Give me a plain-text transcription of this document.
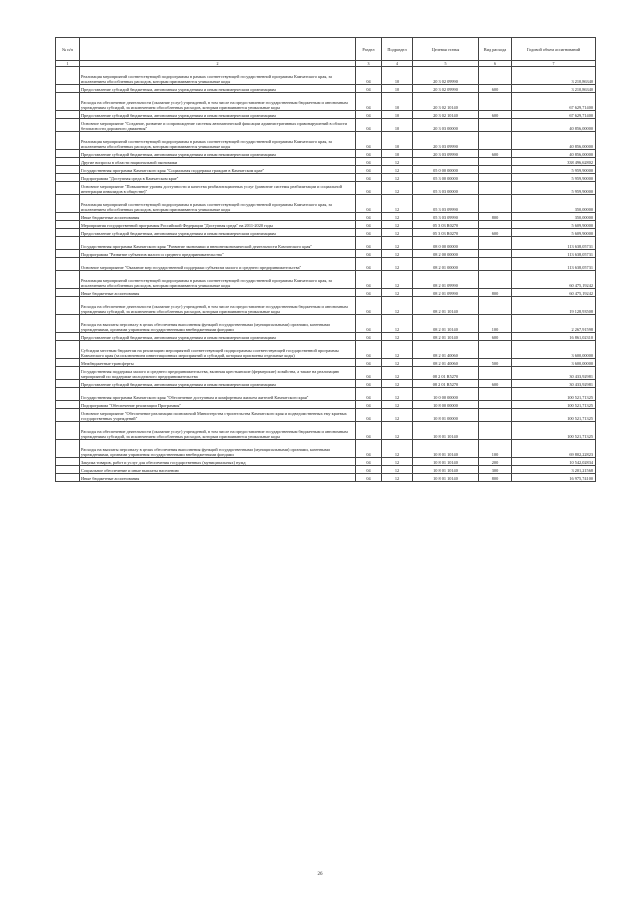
№ п/п		Раздел	Подраздел	Целевая статья	Вид расхода	Годовой объем ассигнований
1	2	3	4	5	6	7
	Реализация мероприятий соответствующей подпрограммы в рамках соответствующей государственной программы Камчатского края, за исключением обособленных расходов, которым присваиваются уникальные коды	04	10	20 3 02 09990		3 210,86340
	Предоставление субсидий бюджетным, автономным учреждениям и иным некоммерческим организациям	04	10	20 3 02 09990	600	3 210,86340
	Расходы на обеспечение деятельности (оказание услуг) учреждений, в том числе на предоставление государственным бюджетным и автономным учреждениям субсидий, за исключением обособленных расходов, которым присваиваются уникальные коды	04	10	20 3 02 10140		67 629,71400
	Предоставление субсидий бюджетным, автономным учреждениям и иным некоммерческим организациям	04	10	20 3 02 10140	600	67 629,71400
	Основное мероприятие "Создание, развитие и сопровождение системы автоматической фиксации административных правонарушений в области безопасности дорожного движения"	04	10	20 3 03 00000		40 856,00000
	Реализация мероприятий соответствующей подпрограммы в рамках соответствующей государственной программы Камчатского края, за исключением обособленных расходов, которым присваиваются уникальные коды	04	10	20 3 03 09990		40 856,00000
	Предоставление субсидий бюджетным, автономным учреждениям и иным некоммерческим организациям	04	10	20 3 03 09990	600	40 856,00000
	Другие вопросы в области национальной экономики	04	12			338 496,62802
	Государственная программа Камчатского края "Социальная поддержка граждан в Камчатском крае"	04	12	05 0 00 00000		5 959,90000
	Подпрограмма "Доступная среда в Камчатском крае"	04	12	05 3 00 00000		5 959,90000
	Основное мероприятие "Повышение уровня доступности и качества реабилитационных услуг (развитие системы реабилитации и социальной интеграции инвалидов в обществе)"	04	12	05 3 03 00000		5 959,90000
	Реализация мероприятий соответствующей подпрограммы в рамках соответствующей государственной программы Камчатского края, за исключением обособленных расходов, которым присваиваются уникальные коды	04	12	05 3 03 09990		350,00000
	Иные бюджетные ассигнования	04	12	05 3 03 09990	800	350,00000
	Мероприятия государственной программы Российской Федерации "Доступная среда" на 2011-2020 годы	04	12	05 3 03 R0270		5 609,90000
	Предоставление субсидий бюджетным, автономным учреждениям и иным некоммерческим организациям	04	12	05 3 03 R0270	600	5 609,90000
	Государственная программа Камчатского края "Развитие экономики и внешнеэкономической деятельности Камчатского края"	04	12	08 0 00 00000		113 638,05731
	Подпрограмма "Развитие субъектов малого и среднего предпринимательства"	04	12	08 2 00 00000		113 638,05731
	Основное мероприятие "Оказание мер государственной поддержки субъектам малого и среднего предпринимательства"	04	12	08 2 01 00000		113 638,05731
	Реализация мероприятий соответствующей подпрограммы в рамках соответствующей государственной программы Камчатского края, за исключением обособленных расходов, которым присваиваются уникальные коды	04	12	08 2 01 09990		60 475,19242
	Иные бюджетные ассигнования	04	12	08 2 01 09990	800	60 475,19242
	Расходы на обеспечение деятельности (оказание услуг) учреждений, в том числе на предоставление государственным бюджетным и автономным учреждениям субсидий, за исключением обособленных расходов, которым присваиваются уникальные коды	04	12	08 2 01 10140		19 128,93508
	Расходы на выплаты персоналу в целях обеспечения выполнения функций государственными (муниципальными) органами, казенными учреждениями, органами управления государственными внебюджетными фондами	04	12	08 2 01 10140	100	2 267,91598
	Предоставление субсидий бюджетным, автономным учреждениям и иным некоммерческим организациям	04	12	08 2 01 10140	600	16 861,02310
	Субсидии местным бюджетам на реализацию мероприятий соответствующей подпрограммы соответствующей государственной программы Камчатского края (за исключением инвестиционных мероприятий и субсидий, которым присвоены отдельные коды)	04	12	08 2 01 40060		3 600,00000
	Межбюджетные трансферты	04	12	08 2 01 40060	500	3 600,00000
	Государственная поддержка малого и среднего предпринимательства, включая крестьянские (фермерские) хозяйства, а также на реализацию мероприятий по поддержке молодежного предпринимательства	04	12	08 2 01 R5270		30 433,92981
	Предоставление субсидий бюджетным, автономным учреждениям и иным некоммерческим организациям	04	12	08 2 01 R5270	600	30 433,92981
	Государственная программа Камчатского края "Обеспечение доступным и комфортным жильем жителей Камчатского края"	04	12	10 0 00 00000		100 521,71325
	Подпрограмма "Обеспечение реализации Программы"	04	12	10 8 00 00000		100 521,71325
	Основное мероприятие "Обеспечение реализации полномочий Министерства строительства Камчатского края и подведомственных ему краевых государственных учреждений"	04	12	10 8 01 00000		100 521,71325
	Расходы на обеспечение деятельности (оказание услуг) учреждений, в том числе на предоставление государственным бюджетным и автономным учреждениям субсидий, за исключением обособленных расходов, которым присваиваются уникальные коды	04	12	10 8 01 10140		100 521,71325
	Расходы на выплаты персоналу в целях обеспечения выполнения функций государственными (муниципальными) органами, казенными учреждениями, органами управления государственными внебюджетными фондами	04	12	10 8 01 10140	100	69 802,22823
	Закупка товаров, работ и услуг для обеспечения государственных (муниципальных) нужд	04	12	10 8 01 10140	200	10 542,02834
	Социальное обеспечение и иные выплаты населению	04	12	10 8 01 10140	300	3 201,21568
	Иные бюджетные ассигнования	04	12	10 8 01 10140	800	16 975,74100
26
